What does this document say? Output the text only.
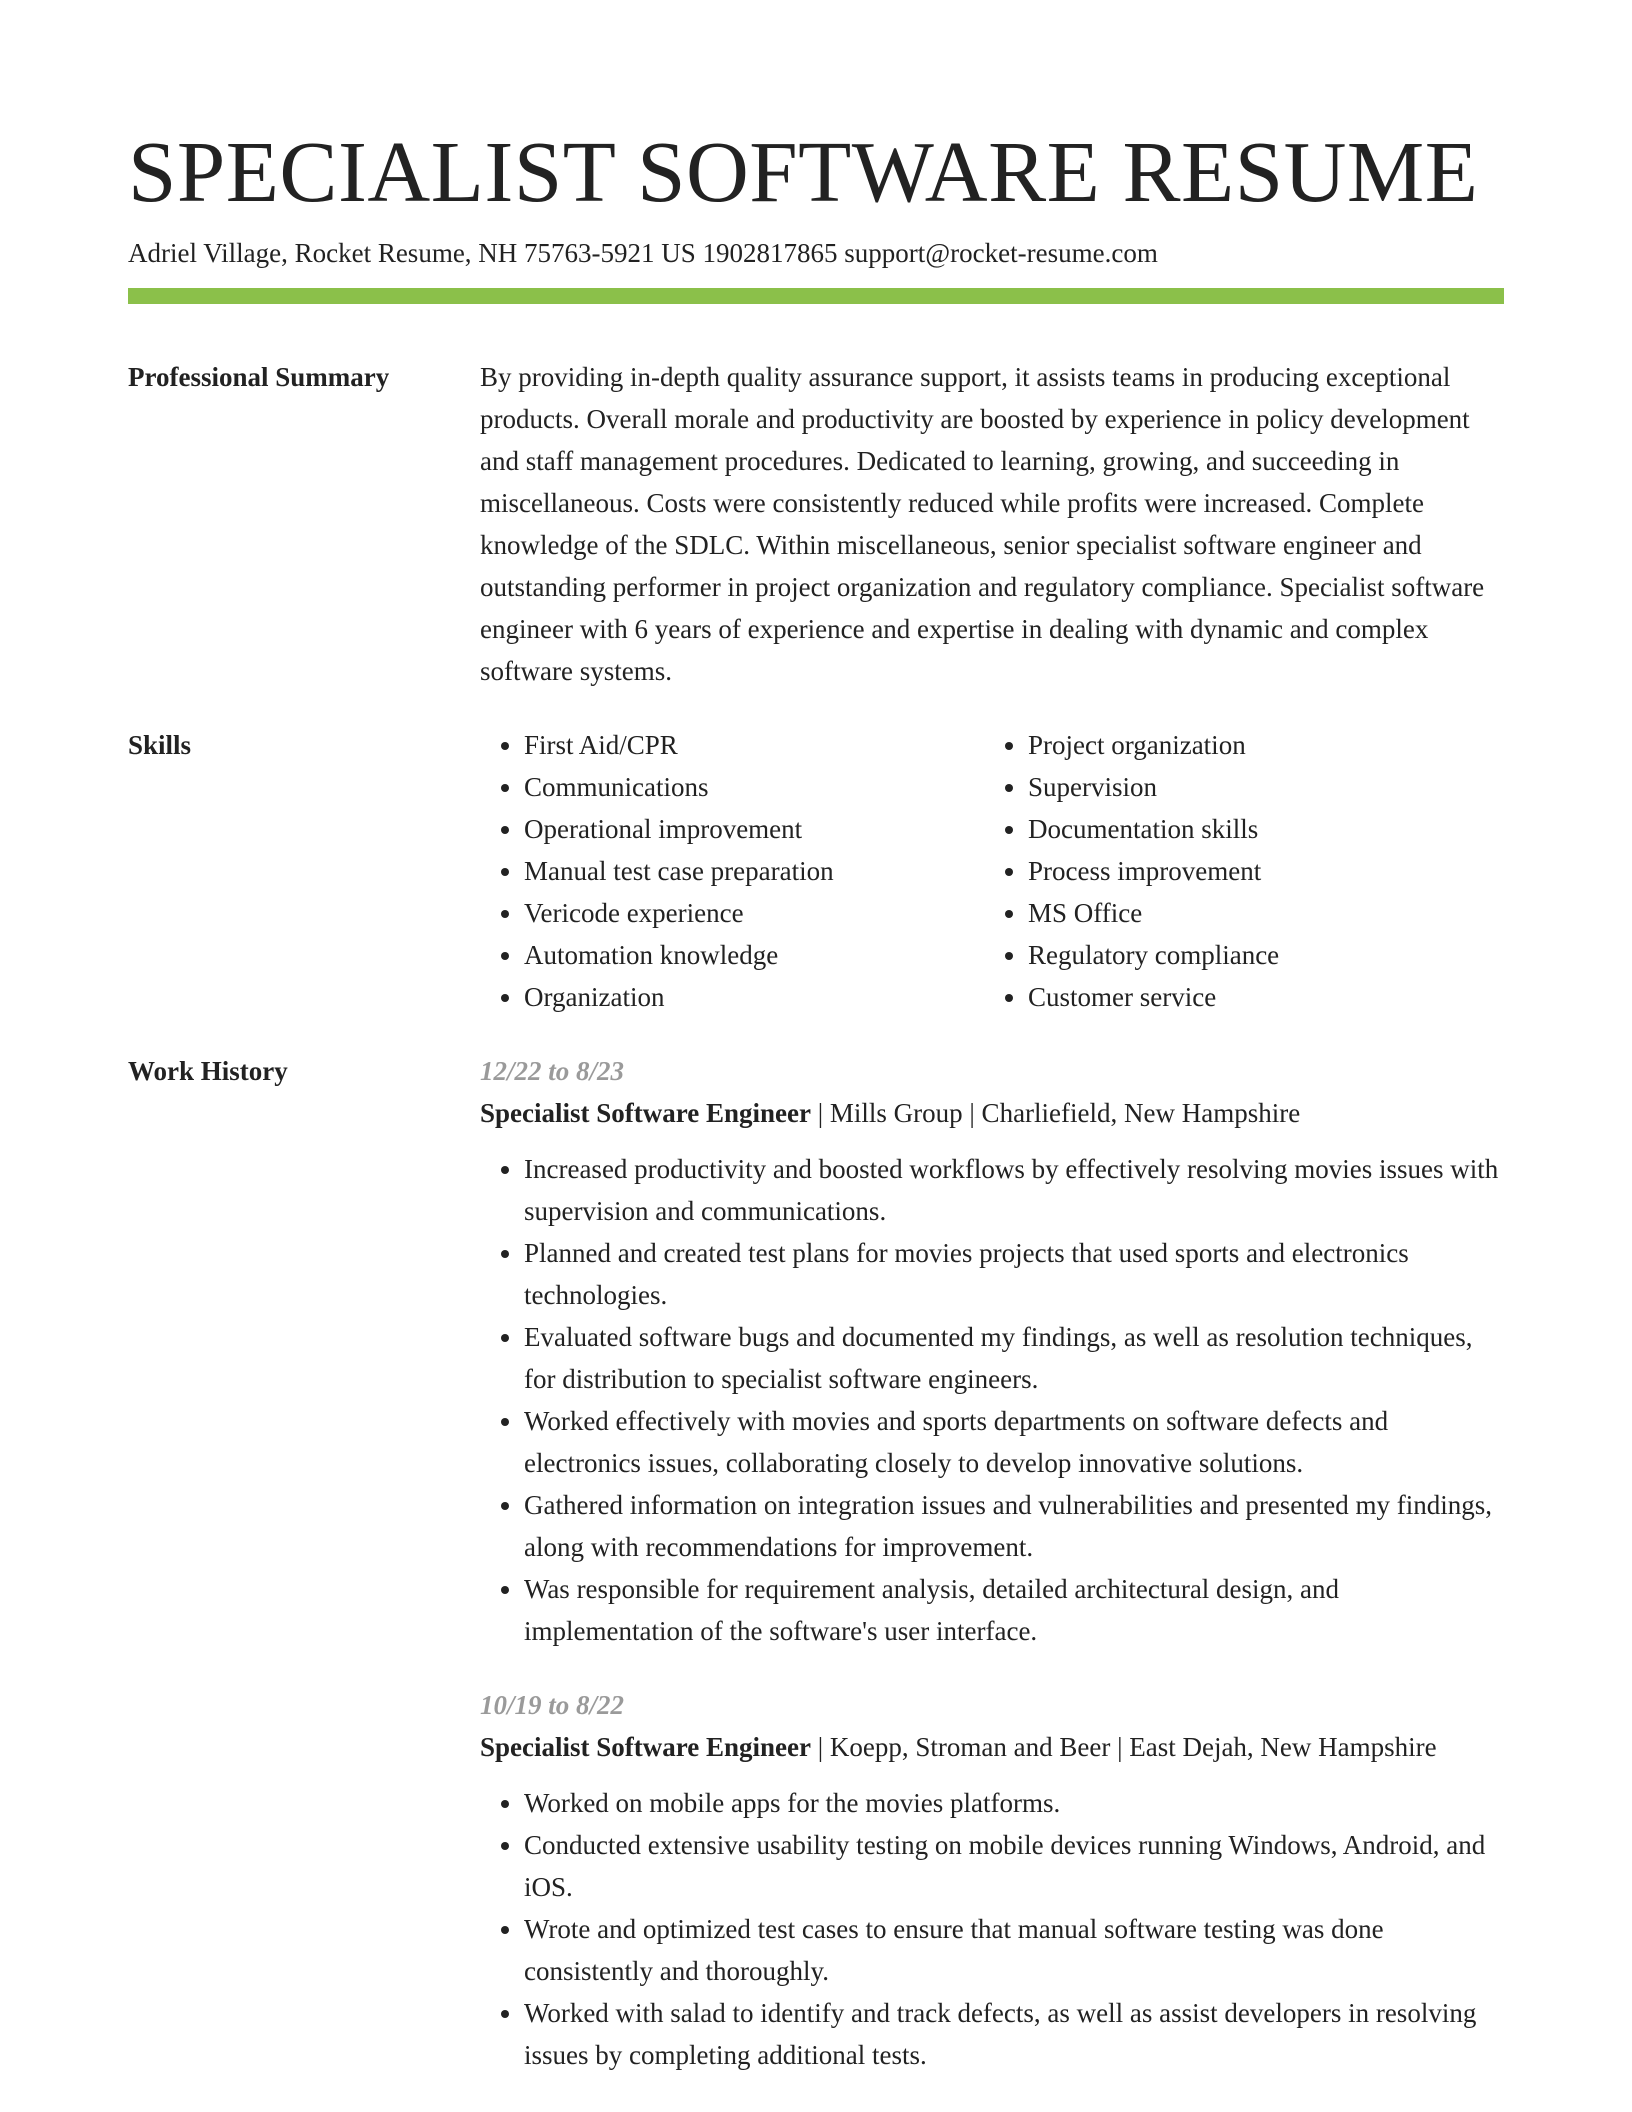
SPECIALIST SOFTWARE RESUME
Adriel Village, Rocket Resume, NH 75763-5921 US 1902817865 support@rocket-resume.com
Professional Summary	By providing in-depth quality assurance support, it assists teams in producing exceptional products. Overall morale and productivity are boosted by experience in policy development and staff management procedures. Dedicated to learning, growing, and succeeding in miscellaneous. Costs were consistently reduced while profits were increased. Complete knowledge of the SDLC. Within miscellaneous, senior specialist software engineer and outstanding performer in project organization and regulatory compliance. Specialist software engineer with 6 years of experience and expertise in dealing with dynamic and complex software systems.

Skills
•	First Aid/CPR
• Communications
• Operational improvement
• Manual test case preparation
• Vericode experience
• Automation knowledge
• Organization
• Project organization
• Supervision
• Documentation skills
• Process improvement
• MS Office
• Regulatory compliance
• Customer service
Work History	12/22 to 8/23
Specialist Software Engineer | Mills Group | Charliefield, New Hampshire
• Increased productivity and boosted workflows by effectively resolving movies issues with supervision and communications.
• Planned and created test plans for movies projects that used sports and electronics technologies.
• Evaluated software bugs and documented my findings, as well as resolution techniques, for distribution to specialist software engineers.
• Worked effectively with movies and sports departments on software defects and electronics issues, collaborating closely to develop innovative solutions.
• Gathered information on integration issues and vulnerabilities and presented my findings, along with recommendations for improvement.
• Was responsible for requirement analysis, detailed architectural design, and implementation of the software's user interface.
10/19 to 8/22
Specialist Software Engineer | Koepp, Stroman and Beer | East Dejah, New Hampshire
• Worked on mobile apps for the movies platforms.
• Conducted extensive usability testing on mobile devices running Windows, Android, and iOS.
• Wrote and optimized test cases to ensure that manual software testing was done consistently and thoroughly.
• Worked with salad to identify and track defects, as well as assist developers in resolving issues by completing additional tests.
